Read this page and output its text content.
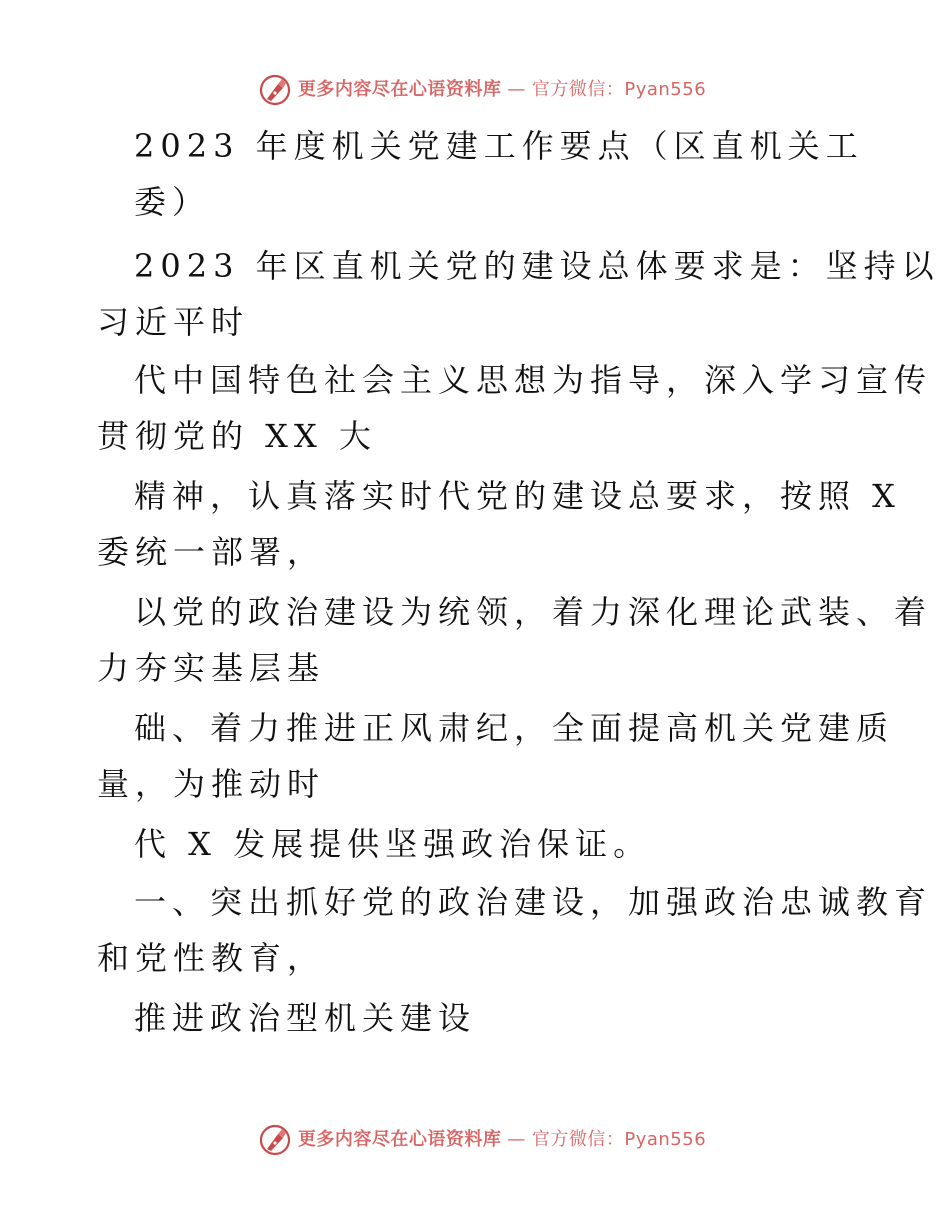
更多内容尽在心语资料库 — 官方微信：Pyan556
2023 年度机关党建工作要点（区直机关工
委）
2023 年区直机关党的建设总体要求是：坚持以
习近平时
代中国特色社会主义思想为指导，深入学习宣传
贯彻党的 XX 大
精神，认真落实时代党的建设总要求，按照 X
委统一部署，
以党的政治建设为统领，着力深化理论武装、着
力夯实基层基
础、着力推进正风肃纪，全面提高机关党建质
量，为推动时
代 X 发展提供坚强政治保证。
一、突出抓好党的政治建设，加强政治忠诚教育
和党性教育，
推进政治型机关建设
更多内容尽在心语资料库 — 官方微信：Pyan556
